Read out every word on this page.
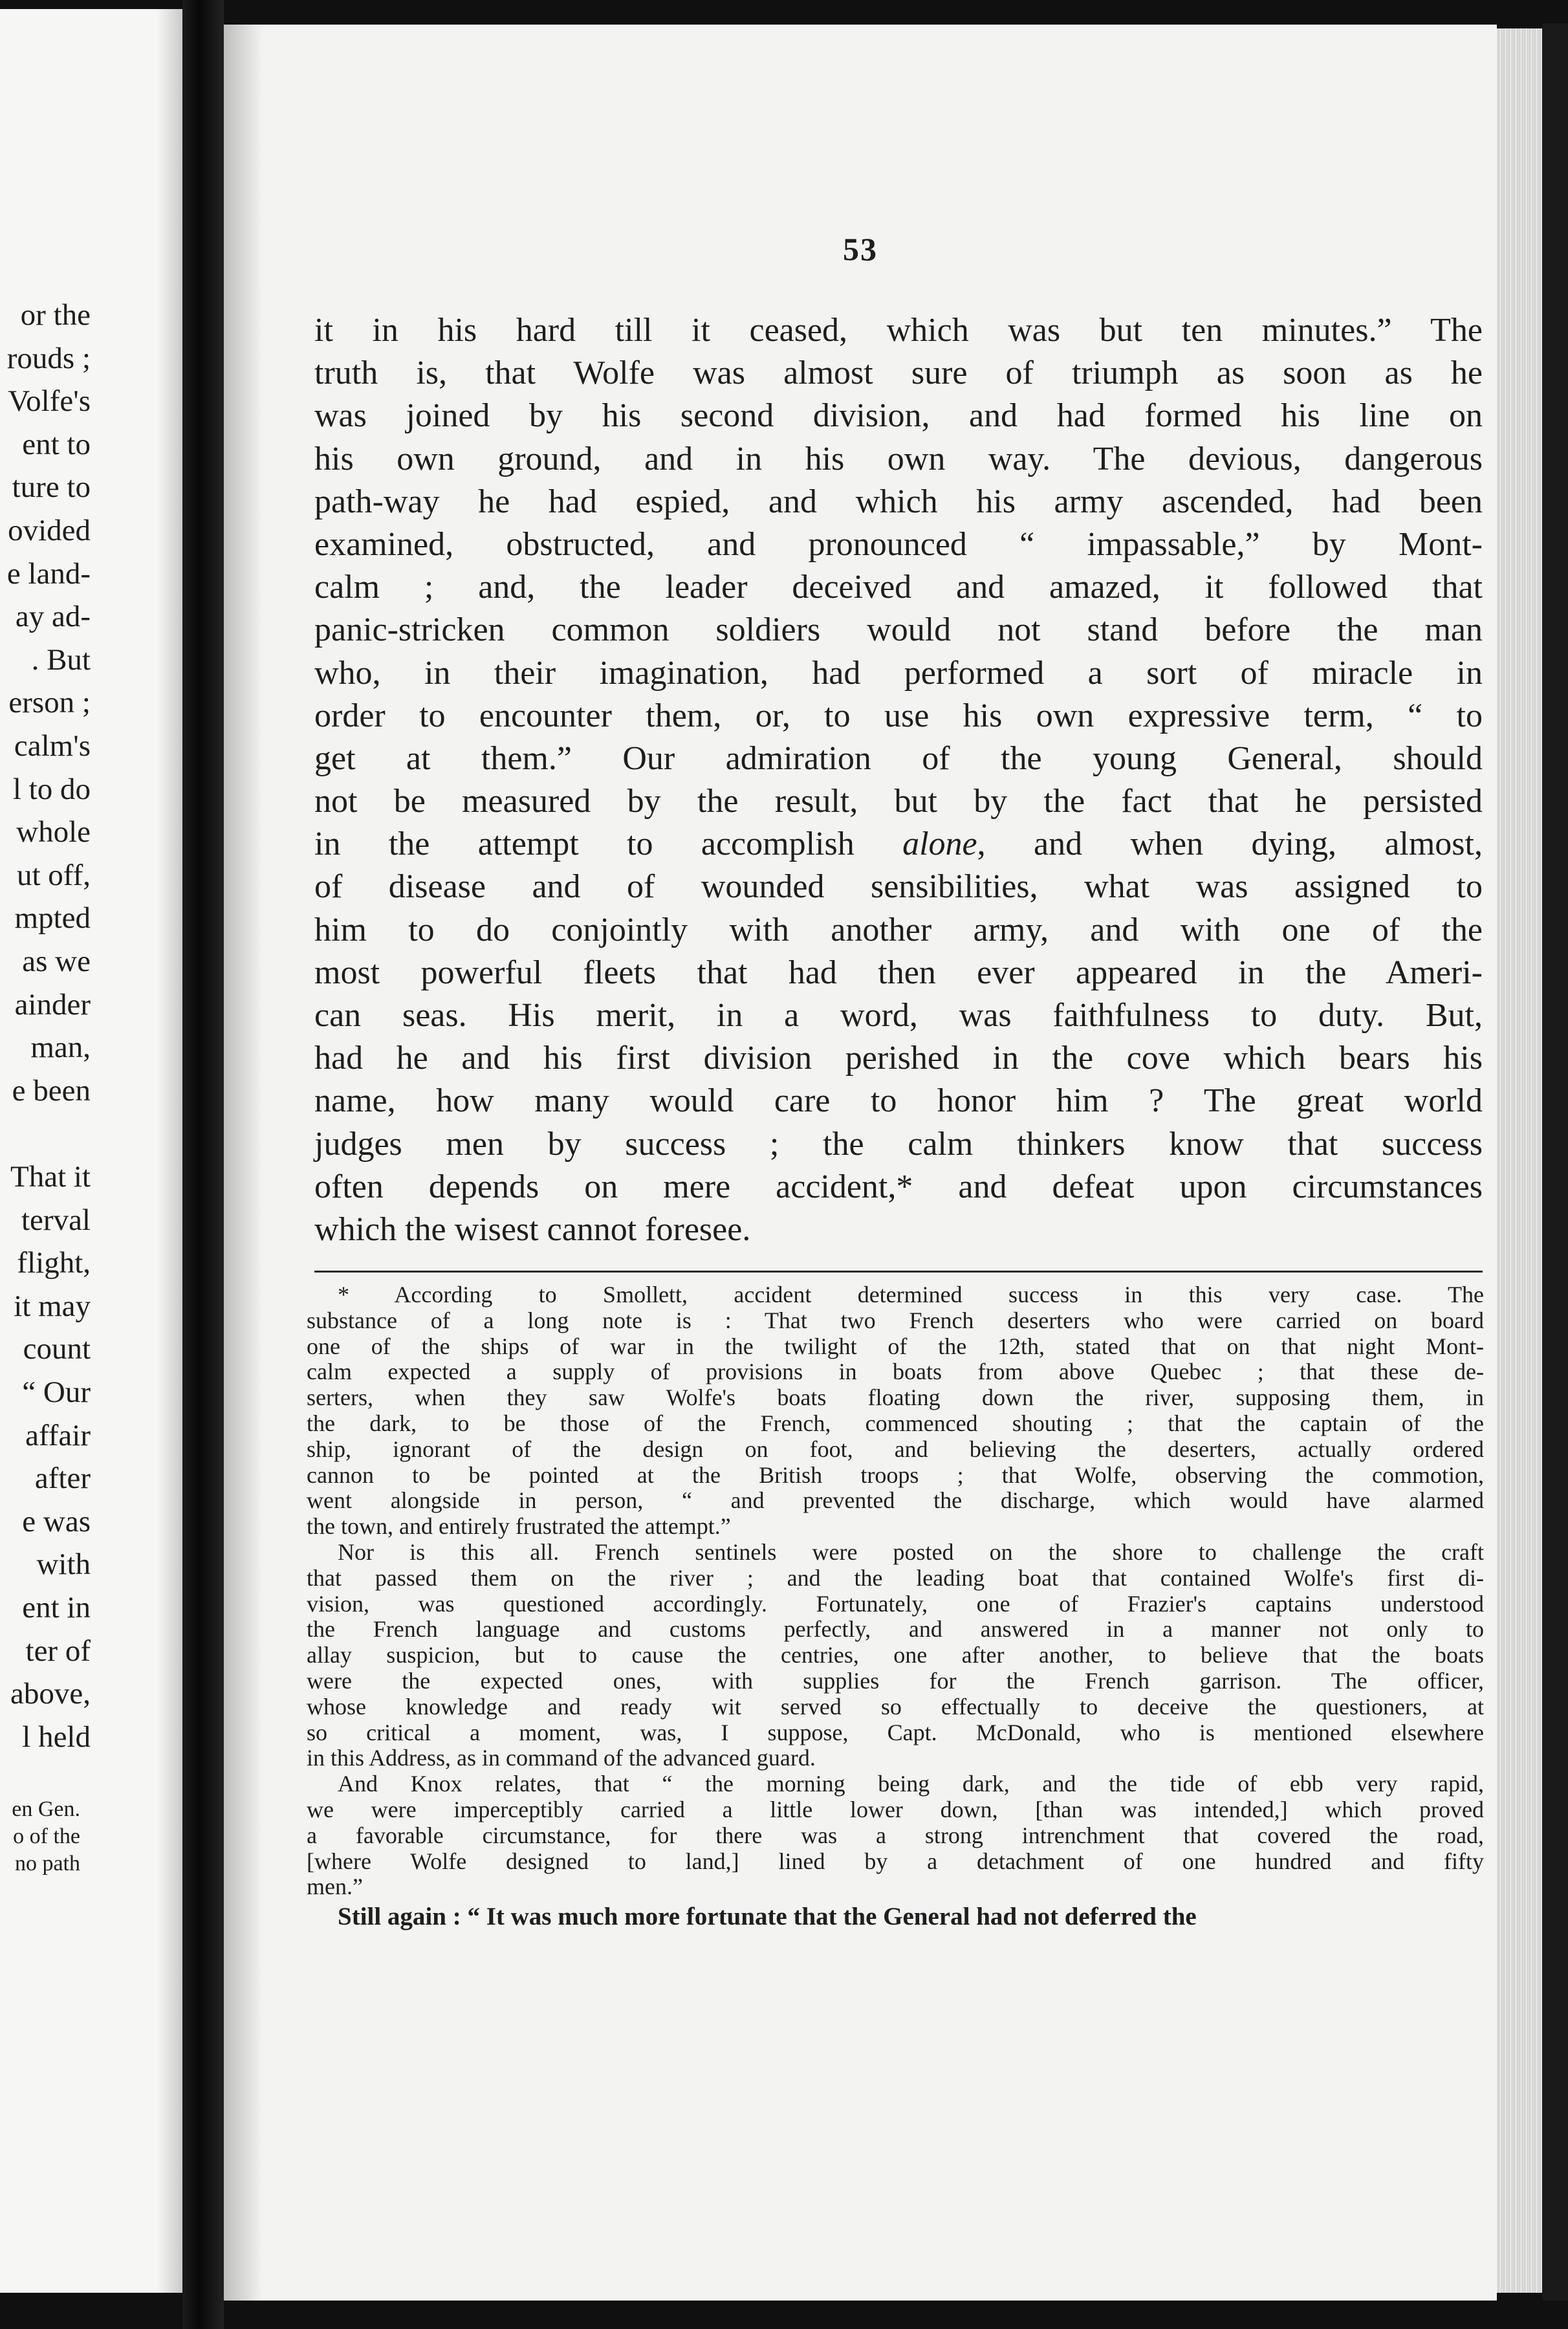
or the
rouds ;
Volfe's
ent to
ture to
ovided
e land-
ay ad-
. But
erson ;
calm's
l to do
whole
ut off,
mpted
as we
ainder
man,
e been
That it
terval
flight,
it may
count
“ Our
affair
after
e was
with
ent in
ter of
above,
l held
en Gen.
o of the
no path
53
it in his hard till it ceased, which was but ten minutes.” The
truth is, that Wolfe was almost sure of triumph as soon as he
was joined by his second division, and had formed his line on
his own ground, and in his own way. The devious, dangerous
path-way he had espied, and which his army ascended, had been
examined, obstructed, and pronounced “ impassable,” by Mont-
calm ; and, the leader deceived and amazed, it followed that
panic-stricken common soldiers would not stand before the man
who, in their imagination, had performed a sort of miracle in
order to encounter them, or, to use his own expressive term, “ to
get at them.” Our admiration of the young General, should
not be measured by the result, but by the fact that he persisted
in the attempt to accomplish alone, and when dying, almost,
of disease and of wounded sensibilities, what was assigned to
him to do conjointly with another army, and with one of the
most powerful fleets that had then ever appeared in the Ameri-
can seas. His merit, in a word, was faithfulness to duty. But,
had he and his first division perished in the cove which bears his
name, how many would care to honor him ? The great world
judges men by success ; the calm thinkers know that success
often depends on mere accident,* and defeat upon circumstances
which the wisest cannot foresee.
* According to Smollett, accident determined success in this very case. The
substance of a long note is : That two French deserters who were carried on board
one of the ships of war in the twilight of the 12th, stated that on that night Mont-
calm expected a supply of provisions in boats from above Quebec ; that these de-
serters, when they saw Wolfe's boats floating down the river, supposing them, in
the dark, to be those of the French, commenced shouting ; that the captain of the
ship, ignorant of the design on foot, and believing the deserters, actually ordered
cannon to be pointed at the British troops ; that Wolfe, observing the commotion,
went alongside in person, “ and prevented the discharge, which would have alarmed
the town, and entirely frustrated the attempt.”
Nor is this all. French sentinels were posted on the shore to challenge the craft
that passed them on the river ; and the leading boat that contained Wolfe's first di-
vision, was questioned accordingly. Fortunately, one of Frazier's captains understood
the French language and customs perfectly, and answered in a manner not only to
allay suspicion, but to cause the centries, one after another, to believe that the boats
were the expected ones, with supplies for the French garrison. The officer,
whose knowledge and ready wit served so effectually to deceive the questioners, at
so critical a moment, was, I suppose, Capt. McDonald, who is mentioned elsewhere
in this Address, as in command of the advanced guard.
And Knox relates, that “ the morning being dark, and the tide of ebb very rapid,
we were imperceptibly carried a little lower down, [than was intended,] which proved
a favorable circumstance, for there was a strong intrenchment that covered the road,
[where Wolfe designed to land,] lined by a detachment of one hundred and fifty
men.”
Still again : “ It was much more fortunate that the General had not deferred the
